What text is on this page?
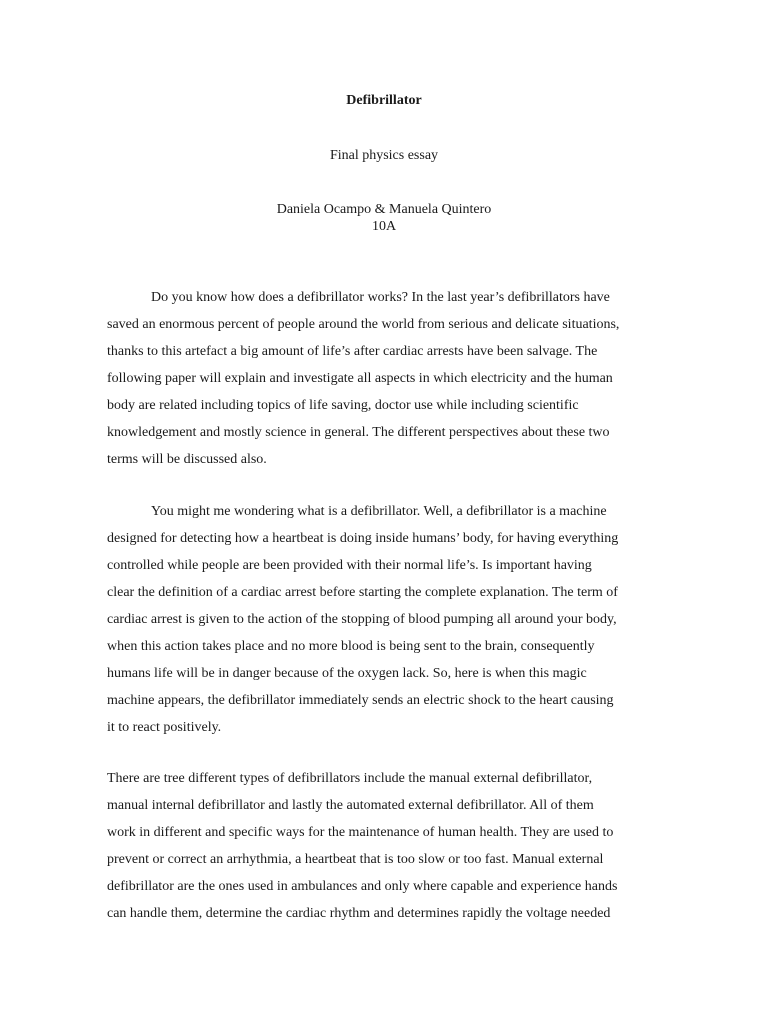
Defibrillator
Final physics essay
Daniela Ocampo & Manuela Quintero
10A
Do you know how does a defibrillator works? In the last year’s defibrillators have
saved an enormous percent of people around the world from serious and delicate situations,
thanks to this artefact a big amount of life’s after cardiac arrests have been salvage. The
following paper will explain and investigate all aspects in which electricity and the human
body are related including topics of life saving, doctor use while including scientific
knowledgement and mostly science in general. The different perspectives about these two
terms will be discussed also.
You might me wondering what is a defibrillator. Well, a defibrillator is a machine
designed for detecting how a heartbeat is doing inside humans’ body, for having everything
controlled while people are been provided with their normal life’s. Is important having
clear the definition of a cardiac arrest before starting the complete explanation. The term of
cardiac arrest is given to the action of the stopping of blood pumping all around your body,
when this action takes place and no more blood is being sent to the brain, consequently
humans life will be in danger because of the oxygen lack. So, here is when this magic
machine appears, the defibrillator immediately sends an electric shock to the heart causing
it to react positively.
There are tree different types of defibrillators include the manual external defibrillator,
manual internal defibrillator and lastly the automated external defibrillator. All of them
work in different and specific ways for the maintenance of human health. They are used to
prevent or correct an arrhythmia, a heartbeat that is too slow or too fast. Manual external
defibrillator are the ones used in ambulances and only where capable and experience hands
can handle them, determine the cardiac rhythm and determines rapidly the voltage needed
